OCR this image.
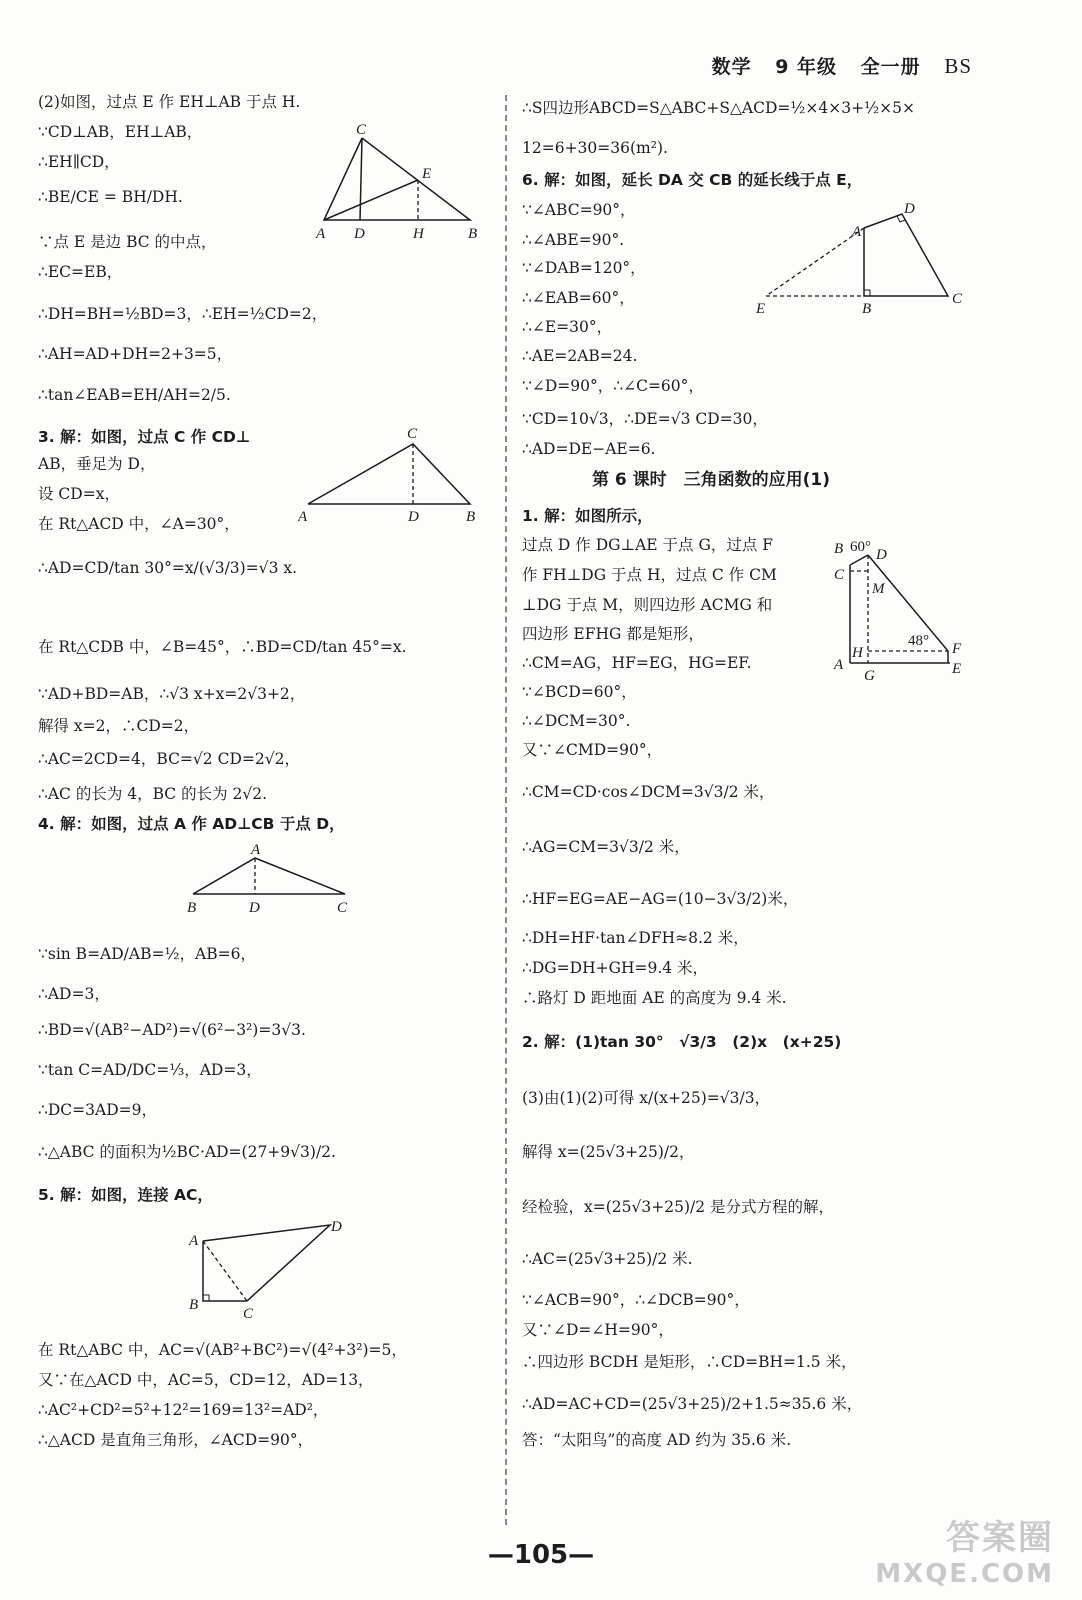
数学 9 年级 全一册 BS
(2)如图，过点 E 作 EH⊥AB 于点 H.
∵CD⊥AB，EH⊥AB，
∴EH∥CD，
∴BE/CE = BH/DH.
∵点 E 是边 BC 的中点，
∴EC=EB，
∴DH=BH=½BD=3，∴EH=½CD=2，
∴AH=AD+DH=2+3=5，
∴tan∠EAB=EH/AH=2/5.
3. 解：如图，过点 C 作 CD⊥
AB，垂足为 D，
设 CD=x，
在 Rt△ACD 中，∠A=30°，
∴AD=CD/tan 30°=x/(√3/3)=√3 x.
在 Rt△CDB 中，∠B=45°，∴BD=CD/tan 45°=x.
∵AD+BD=AB，∴√3 x+x=2√3+2，
解得 x=2，∴CD=2，
∴AC=2CD=4，BC=√2 CD=2√2，
∴AC 的长为 4，BC 的长为 2√2.
4. 解：如图，过点 A 作 AD⊥CB 于点 D，
∵sin B=AD/AB=½，AB=6，
∴AD=3，
∴BD=√(AB²−AD²)=√(6²−3²)=3√3.
∵tan C=AD/DC=⅓，AD=3，
∴DC=3AD=9，
∴△ABC 的面积为½BC·AD=(27+9√3)/2.
5. 解：如图，连接 AC，
在 Rt△ABC 中，AC=√(AB²+BC²)=√(4²+3²)=5，
又∵在△ACD 中，AC=5，CD=12，AD=13，
∴AC²+CD²=5²+12²=169=13²=AD²，
∴△ACD 是直角三角形，∠ACD=90°，
C
E
A D	H	B
C
A	D	B
A
B	D	C
A
D
B
C
∴S四边形ABCD=S△ABC+S△ACD=½×4×3+½×5×
12=6+30=36(m²).
6. 解：如图，延长 DA 交 CB 的延长线于点 E，
∵∠ABC=90°，
∴∠ABE=90°.
∵∠DAB=120°，
∴∠EAB=60°，
∴∠E=30°，
∴AE=2AB=24.
∵∠D=90°，∴∠C=60°，
∵CD=10√3，∴DE=√3 CD=30，
∴AD=DE−AE=6.
第 6 课时　三角函数的应用(1)
1. 解：如图所示，
过点 D 作 DG⊥AE 于点 G，过点 F
作 FH⊥DG 于点 H，过点 C 作 CM
⊥DG 于点 M，则四边形 ACMG 和
四边形 EFHG 都是矩形，
∴CM=AG，HF=EG，HG=EF.
∵∠BCD=60°，
∴∠DCM=30°.
又∵∠CMD=90°，
∴CM=CD·cos∠DCM=3√3/2 米，
∴AG=CM=3√3/2 米，
∴HF=EG=AE−AG=(10−3√3/2)米，
∴DH=HF·tan∠DFH≈8.2 米，
∴DG=DH+GH=9.4 米，
∴路灯 D 距地面 AE 的高度为 9.4 米.
2. 解：(1)tan 30°　√3/3　(2)x　(x+25)
(3)由(1)(2)可得 x/(x+25)=√3/3，
解得 x=(25√3+25)/2，
经检验，x=(25√3+25)/2 是分式方程的解，
∴AC=(25√3+25)/2 米.
∵∠ACB=90°，∴∠DCB=90°，
又∵∠D=∠H=90°，
∴四边形 BCDH 是矩形，∴CD=BH=1.5 米，
∴AD=AC+CD=(25√3+25)/2+1.5≈35.6 米，
答：“太阳鸟”的高度 AD 约为 35.6 米.
D
A
E	B
C
B 60° D
C
M
48°
H	F
A
G	E
—105—	答案圈
MXQE.COM
